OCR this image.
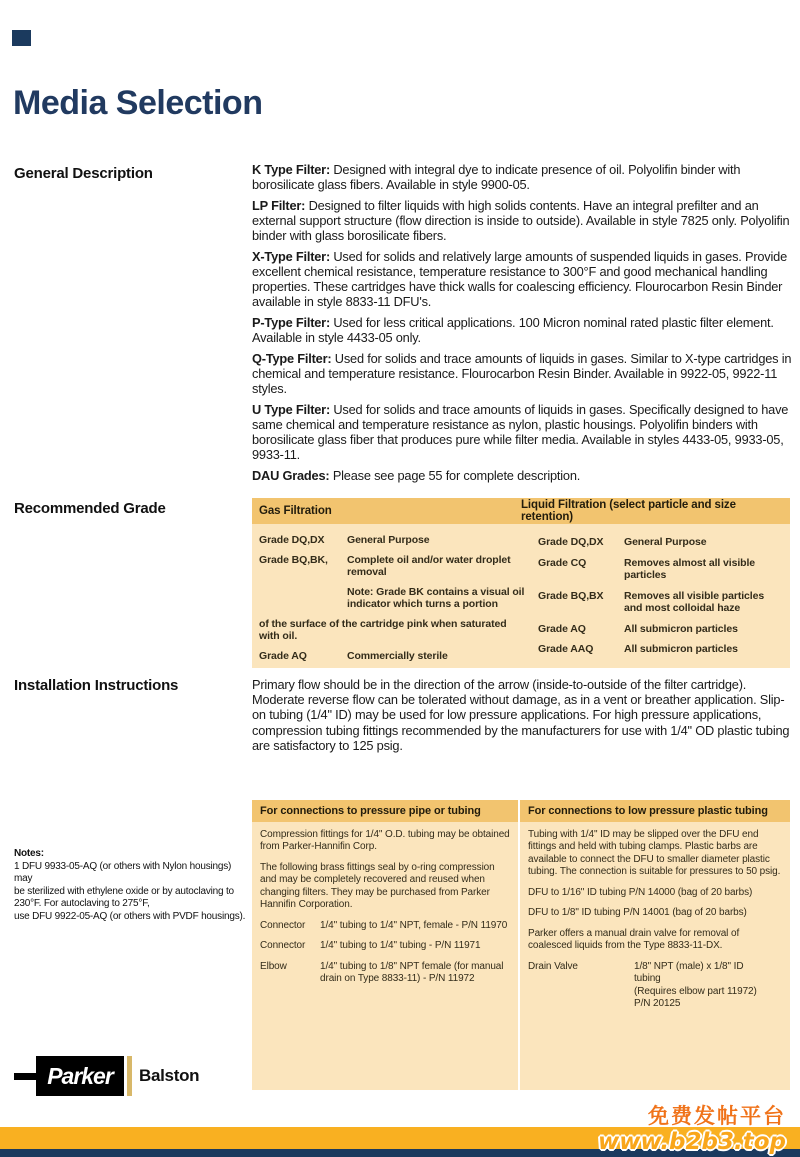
Media Selection
General Description
Recommended Grade
Installation Instructions

K Type Filter: Designed with integral dye to indicate presence of oil. Polyolifin binder with borosilicate glass fibers. Available in style 9900-05.

LP Filter: Designed to filter liquids with high solids contents. Have an integral prefilter and an external support structure (flow direction is inside to outside). Available in style 7825 only. Polyolifin binder with glass borosilicate fibers.

X-Type Filter: Used for solids and relatively large amounts of suspended liquids in gases. Provide excellent chemical resistance, temperature resistance to 300°F and good mechanical handling properties. These cartridges have thick walls for coalescing efficiency. Flourocarbon Resin Binder available in style 8833-11 DFU's.

P-Type Filter: Used for less critical applications. 100 Micron nominal rated plastic filter element. Available in style 4433-05 only.

Q-Type Filter: Used for solids and trace amounts of liquids in gases. Similar to X-type cartridges in chemical and temperature resistance. Flourocarbon Resin Binder. Available in 9922-05, 9922-11 styles.

U Type Filter: Used for solids and trace amounts of liquids in gases. Specifically designed to have same chemical and temperature resistance as nylon, plastic housings. Polyolifin binders with borosilicate glass fiber that produces pure while filter media. Available in styles 4433-05, 9933-05, 9933-11.

DAU Grades: Please see page 55 for complete description.

Gas Filtration	Liquid Filtration (select particle and size retention)
Grade DQ,DX	General Purpose
Grade BQ,BK,	Complete oil and/or water droplet removal
Note: Grade BK contains a visual oil indicator which turns a portion
of the surface of the cartridge pink when saturated with oil.
Grade AQ	Commercially sterile
Grade DQ,DX	General Purpose
Grade CQ	Removes almost all visible particles
Grade BQ,BX	Removes all visible particles and most colloidal haze
Grade AQ	All submicron particles
Grade AAQ	All submicron particles
Primary flow should be in the direction of the arrow (inside-to-outside of the filter cartridge). Moderate reverse flow can be tolerated without damage, as in a vent or breather application. Slip-on tubing (1/4" ID) may be used for low pressure applications. For high pressure applications, compression tubing fittings recommended by the manufacturers for use with 1/4" OD plastic tubing are satisfactory to 125 psig.
For connections to pressure pipe or tubing

Compression fittings for 1/4" O.D. tubing may be obtained from Parker-Hannifin Corp.

The following brass fittings seal by o-ring compression and may be completely recovered and reused when changing filters. They may be purchased from Parker Hannifin Corporation.

Connector	1/4" tubing to 1/4" NPT, female - P/N 11970
Connector	1/4" tubing to 1/4" tubing - P/N 11971
Elbow	1/4" tubing to 1/8" NPT female (for manual drain on Type 8833-11) - P/N 11972
For connections to low pressure plastic tubing

Tubing with 1/4" ID may be slipped over the DFU end fittings and held with tubing clamps. Plastic barbs are available to connect the DFU to smaller diameter plastic tubing. The connection is suitable for pressures to 50 psig.

DFU to 1/16" ID tubing P/N 14000 (bag of 20 barbs)

DFU to 1/8" ID tubing P/N 14001 (bag of 20 barbs)

Parker offers a manual drain valve for removal of coalesced liquids from the Type 8833-11-DX.

Drain Valve	1/8" NPT (male) x 1/8" ID
tubing
(Requires elbow part 11972)
P/N 20125
Notes:
1 DFU 9933-05-AQ (or others with Nylon housings) may
be sterilized with ethylene oxide or by autoclaving to
230°F. For autoclaving to 275°F,
use DFU 9922-05-AQ (or others with PVDF housings).
Parker	Balston
免费发帖平台
www.b2b3.top
